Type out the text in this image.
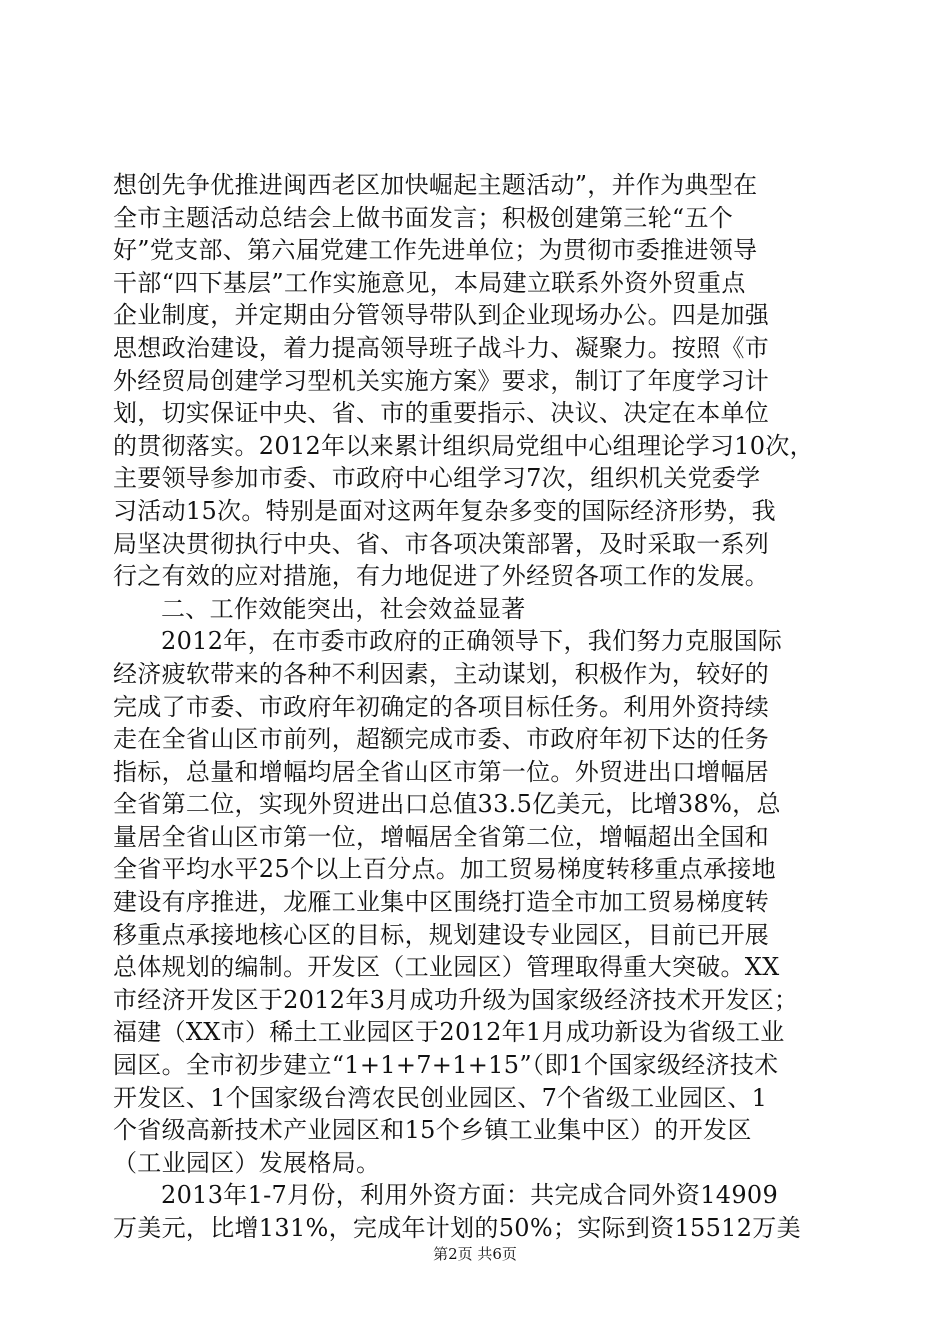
想创先争优推进闽西老区加快崛起主题活动”，并作为典型在
全市主题活动总结会上做书面发言；积极创建第三轮“五个
好”党支部、第六届党建工作先进单位；为贯彻市委推进领导
干部“四下基层”工作实施意见，本局建立联系外资外贸重点
企业制度，并定期由分管领导带队到企业现场办公。四是加强
思想政治建设，着力提高领导班子战斗力、凝聚力。按照《市
外经贸局创建学习型机关实施方案》要求，制订了年度学习计
划，切实保证中央、省、市的重要指示、决议、决定在本单位
的贯彻落实。2012年以来累计组织局党组中心组理论学习10次，
主要领导参加市委、市政府中心组学习7次，组织机关党委学
习活动15次。特别是面对这两年复杂多变的国际经济形势，我
局坚决贯彻执行中央、省、市各项决策部署，及时采取一系列
行之有效的应对措施，有力地促进了外经贸各项工作的发展。
二、工作效能突出，社会效益显著
2012年，在市委市政府的正确领导下，我们努力克服国际
经济疲软带来的各种不利因素，主动谋划，积极作为，较好的
完成了市委、市政府年初确定的各项目标任务。利用外资持续
走在全省山区市前列，超额完成市委、市政府年初下达的任务
指标，总量和增幅均居全省山区市第一位。外贸进出口增幅居
全省第二位，实现外贸进出口总值33.5亿美元，比增38%，总
量居全省山区市第一位，增幅居全省第二位，增幅超出全国和
全省平均水平25个以上百分点。加工贸易梯度转移重点承接地
建设有序推进，龙雁工业集中区围绕打造全市加工贸易梯度转
移重点承接地核心区的目标，规划建设专业园区，目前已开展
总体规划的编制。开发区（工业园区）管理取得重大突破。XX
市经济开发区于2012年3月成功升级为国家级经济技术开发区；
福建（XX市）稀土工业园区于2012年1月成功新设为省级工业
园区。全市初步建立“1+1+7+1+15”（即1个国家级经济技术
开发区、1个国家级台湾农民创业园区、7个省级工业园区、1
个省级高新技术产业园区和15个乡镇工业集中区）的开发区
（工业园区）发展格局。
2013年1-7月份，利用外资方面：共完成合同外资14909
万美元，比增131%，完成年计划的50%；实际到资15512万美
第2页 共6页
